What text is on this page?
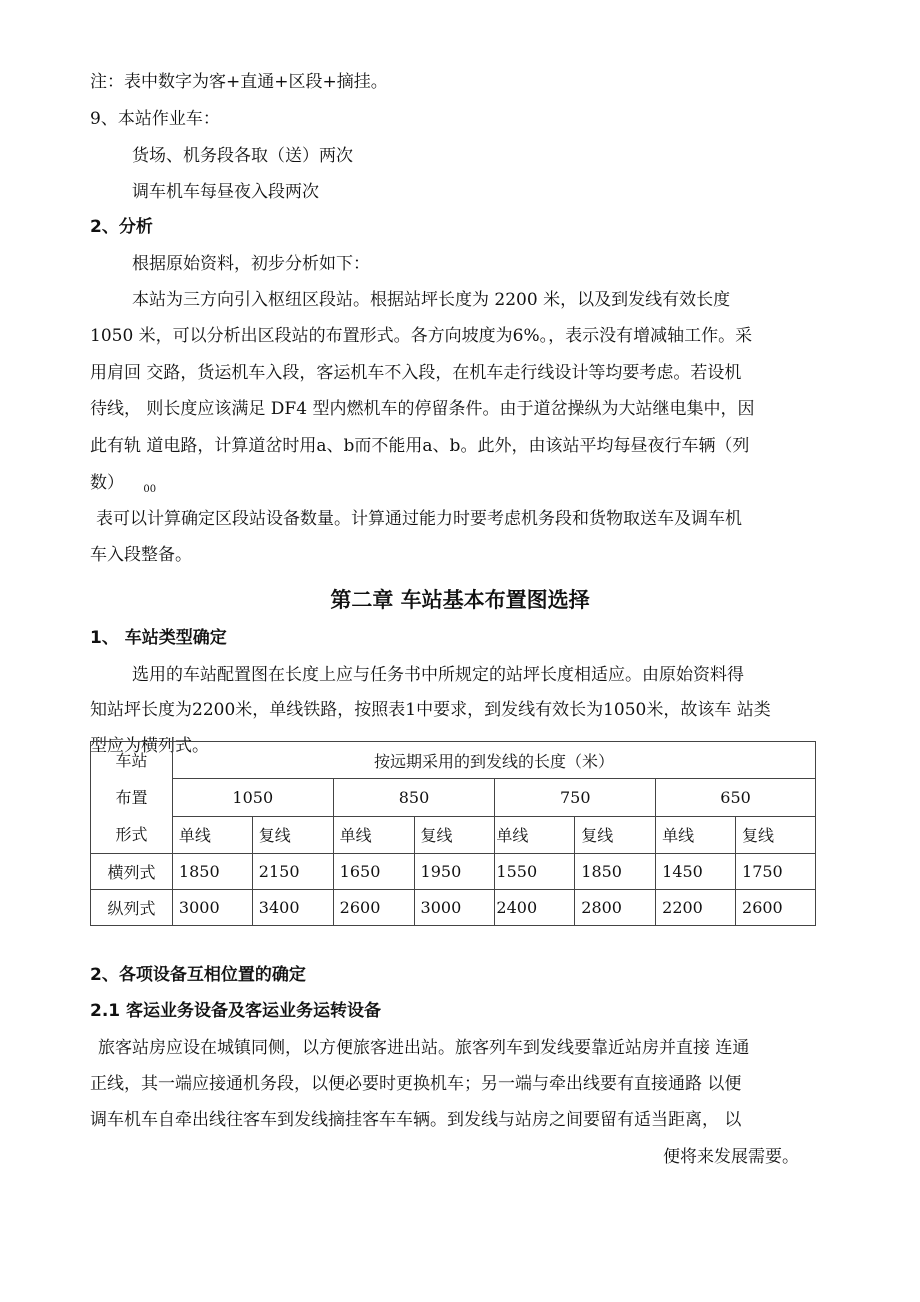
注：表中数字为客+直通+区段+摘挂。
9、本站作业车：
货场、机务段各取（送）两次
调车机车每昼夜入段两次
2、分析
根据原始资料，初步分析如下：
本站为三方向引入枢纽区段站。根据站坪长度为 2200 米，以及到发线有效长度
1050 米，可以分析出区段站的布置形式。各方向坡度为6%。，表示没有增减轴工作。采
用肩回 交路，货运机车入段，客运机车不入段，在机车走行线设计等均要考虑。若设机
待线， 则长度应该满足 DF4 型内燃机车的停留条件。由于道岔操纵为大站继电集中，因
此有轨 道电路，计算道岔时用a、b而不能用a、b。此外，由该站平均每昼夜行车辆（列
数） $_{00}$
表可以计算确定区段站设备数量。计算通过能力时要考虑机务段和货物取送车及调车机
车入段整备。
第二章 车站基本布置图选择
1、 车站类型确定
选用的车站配置图在长度上应与任务书中所规定的站坪长度相适应。由原始资料得
知站坪长度为2200米，单线铁路，按照表1中要求，到发线有效长为1050米，故该车 站类
型应为横列式。
车站
布置
形式	按远期采用的到发线的长度（米）							
	1050		850		750		650	
	单线	复线	单线	复线	单线	复线	单线	复线
横列式	1850	2150	1650	1950	1550	1850	1450	1750
纵列式	3000	3400	2600	3000	2400	2800	2200	2600
2、各项设备互相位置的确定
2.1 客运业务设备及客运业务运转设备
旅客站房应设在城镇同侧，以方便旅客进出站。旅客列车到发线要靠近站房并直接 连通
正线，其一端应接通机务段，以便必要时更换机车；另一端与牵出线要有直接通路 以便
调车机车自牵出线往客车到发线摘挂客车车辆。到发线与站房之间要留有适当距离， 以
便将来发展需要。
